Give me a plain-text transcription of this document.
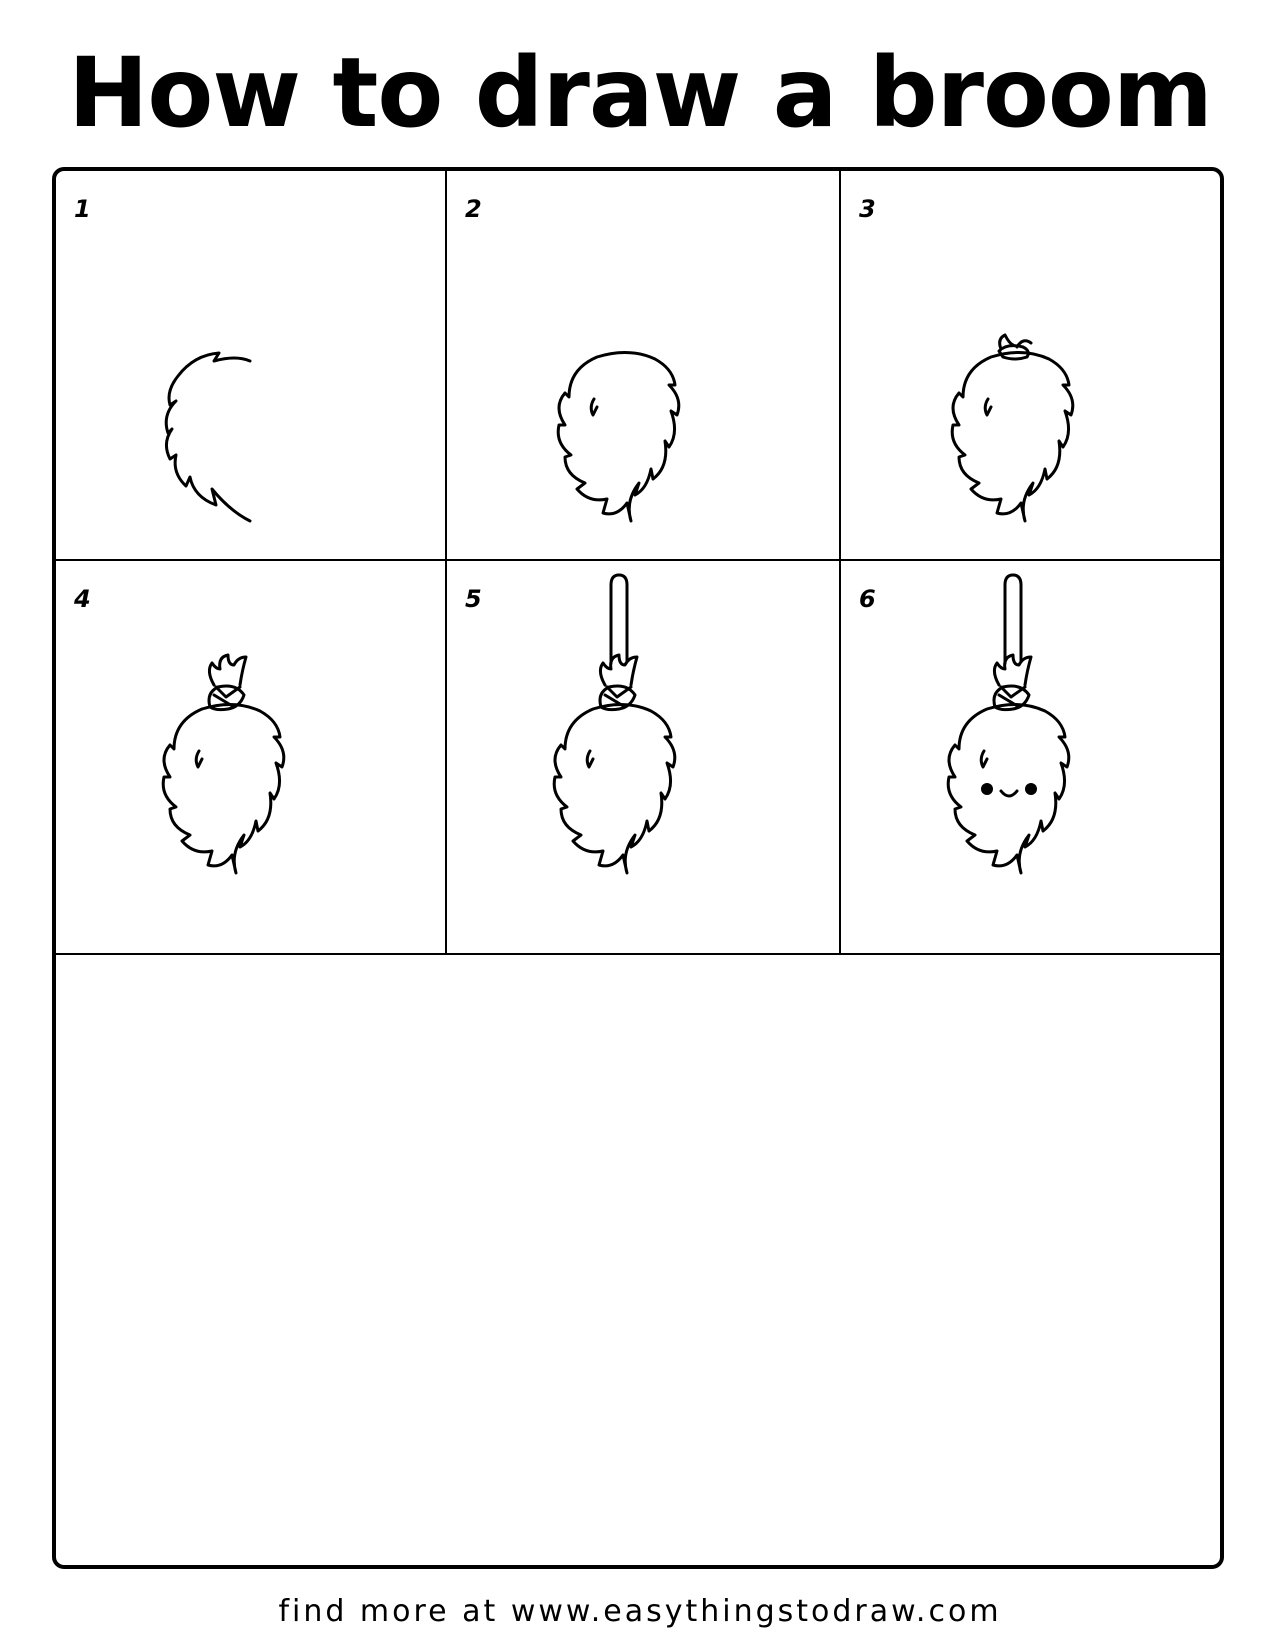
How to draw a broom
1	2	3
4	5	6
find more at www.easythingstodraw.com
